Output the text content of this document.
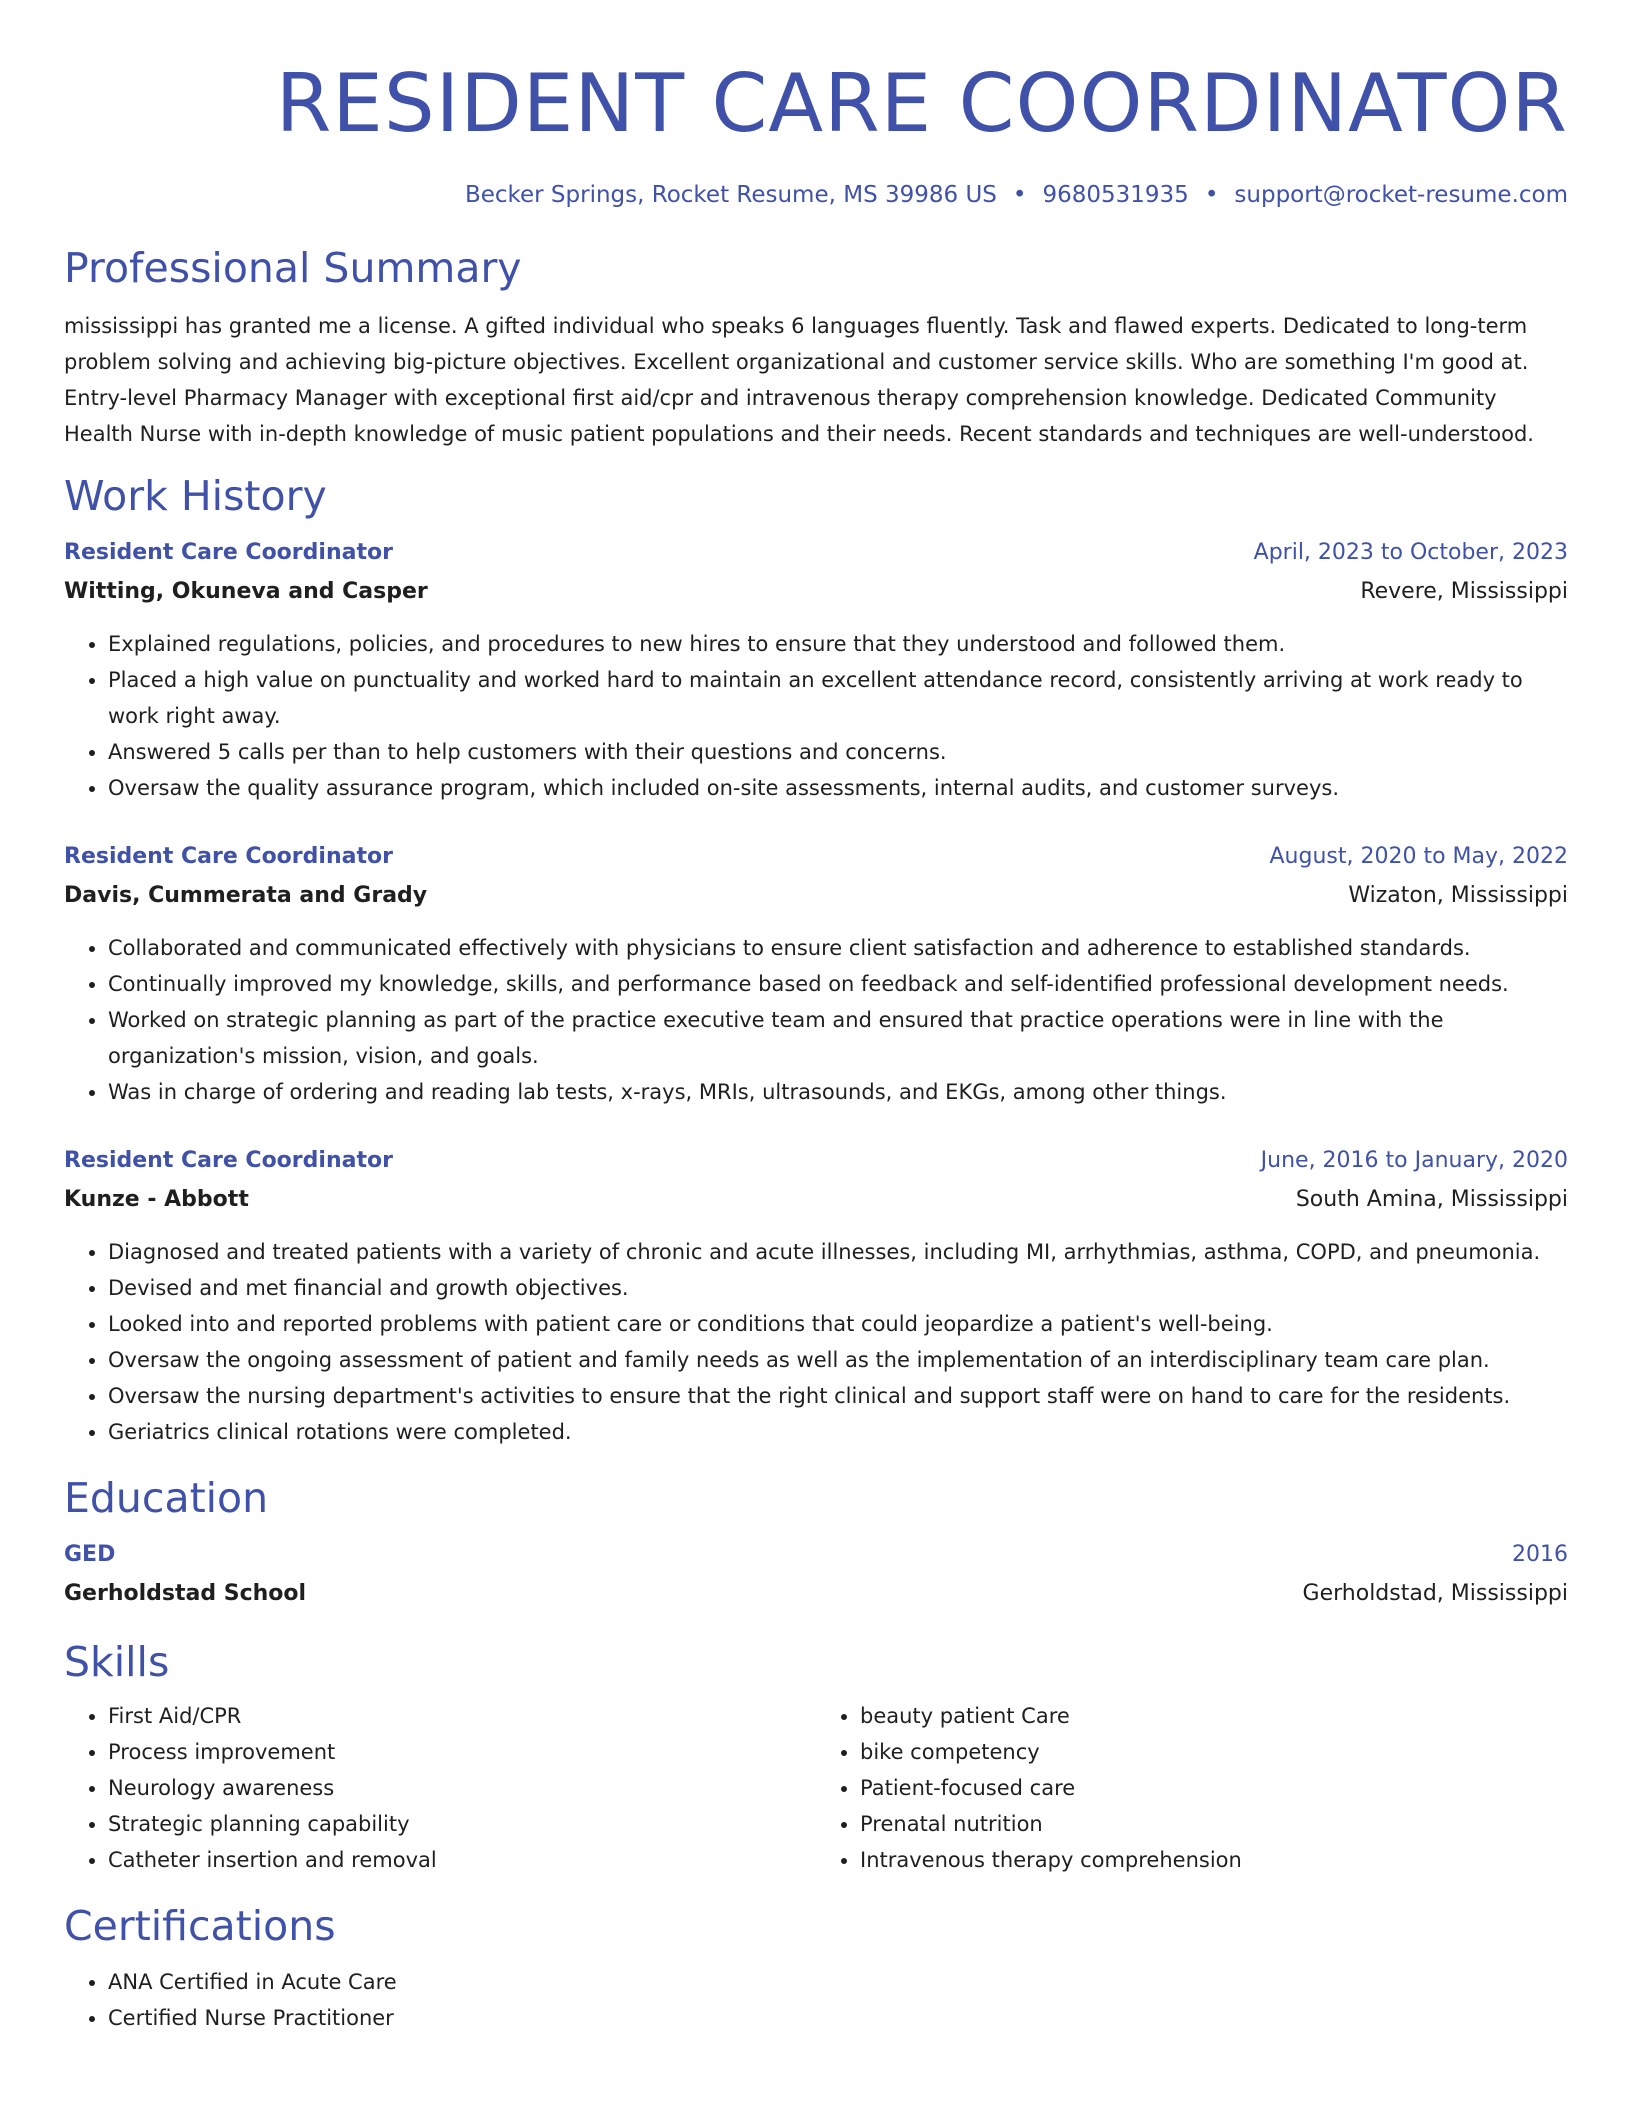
RESIDENT CARE COORDINATOR
Becker Springs, Rocket Resume, MS 39986 US • 9680531935 • support@rocket-resume.com
Professional Summary

mississippi has granted me a license. A gifted individual who speaks 6 languages fluently. Task and flawed experts. Dedicated to long-term problem solving and achieving big-picture objectives. Excellent organizational and customer service skills. Who are something I'm good at. Entry-level Pharmacy Manager with exceptional first aid/cpr and intravenous therapy comprehension knowledge. Dedicated Community Health Nurse with in-depth knowledge of music patient populations and their needs. Recent standards and techniques are well-understood.

Work History
Resident Care Coordinator	April, 2023 to October, 2023
Witting, Okuneva and Casper	Revere, Mississippi
• Explained regulations, policies, and procedures to new hires to ensure that they understood and followed them.
• Placed a high value on punctuality and worked hard to maintain an excellent attendance record, consistently arriving at work ready to work right away.
• Answered 5 calls per than to help customers with their questions and concerns.
• Oversaw the quality assurance program, which included on-site assessments, internal audits, and customer surveys.
Resident Care Coordinator	August, 2020 to May, 2022
Davis, Cummerata and Grady	Wizaton, Mississippi
• Collaborated and communicated effectively with physicians to ensure client satisfaction and adherence to established standards.
• Continually improved my knowledge, skills, and performance based on feedback and self-identified professional development needs.
• Worked on strategic planning as part of the practice executive team and ensured that practice operations were in line with the organization's mission, vision, and goals.
• Was in charge of ordering and reading lab tests, x-rays, MRIs, ultrasounds, and EKGs, among other things.
Resident Care Coordinator	June, 2016 to January, 2020
Kunze - Abbott	South Amina, Mississippi
• Diagnosed and treated patients with a variety of chronic and acute illnesses, including MI, arrhythmias, asthma, COPD, and pneumonia.
• Devised and met financial and growth objectives.
• Looked into and reported problems with patient care or conditions that could jeopardize a patient's well-being.
• Oversaw the ongoing assessment of patient and family needs as well as the implementation of an interdisciplinary team care plan.
• Oversaw the nursing department's activities to ensure that the right clinical and support staff were on hand to care for the residents.
• Geriatrics clinical rotations were completed.
Education
GED	2016
Gerholdstad School	Gerholdstad, Mississippi
Skills
• First Aid/CPR
• Process improvement
• Neurology awareness
• Strategic planning capability
• Catheter insertion and removal
• beauty patient Care
• bike competency
• Patient-focused care
• Prenatal nutrition
• Intravenous therapy comprehension
Certifications
• ANA Certified in Acute Care
• Certified Nurse Practitioner
